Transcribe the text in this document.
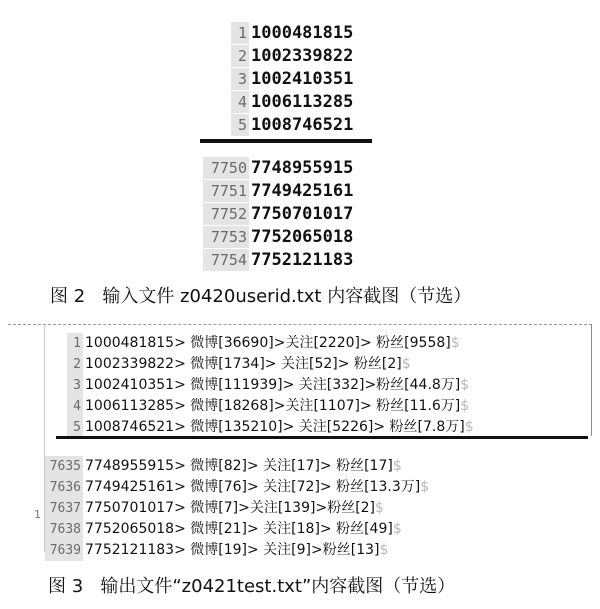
1 1000481815
2 1002339822
3 1002410351
4 1006113285
5 1008746521
7750 7748955915
7751 7749425161
7752 7750701017
7753 7752065018
7754 7752121183
图 2   输入文件 z0420userid.txt 内容截图（节选）
1
1 1000481815> 微博[36690]>关注[2220]> 粉丝[9558]$
2 1002339822> 微博[1734]> 关注[52]> 粉丝[2]$
3 1002410351> 微博[111939]> 关注[332]>粉丝[44.8万]$
4 1006113285> 微博[18268]>关注[1107]> 粉丝[11.6万]$
5 1008746521> 微博[135210]> 关注[5226]> 粉丝[7.8万]$
7635 7748955915> 微博[82]> 关注[17]> 粉丝[17]$
7636 7749425161> 微博[76]> 关注[72]> 粉丝[13.3万]$
7637 7750701017> 微博[7]>关注[139]>粉丝[2]$
7638 7752065018> 微博[21]> 关注[18]> 粉丝[49]$
7639 7752121183> 微博[19]> 关注[9]>粉丝[13]$
图 3   输出文件“z0421test.txt”内容截图（节选）
